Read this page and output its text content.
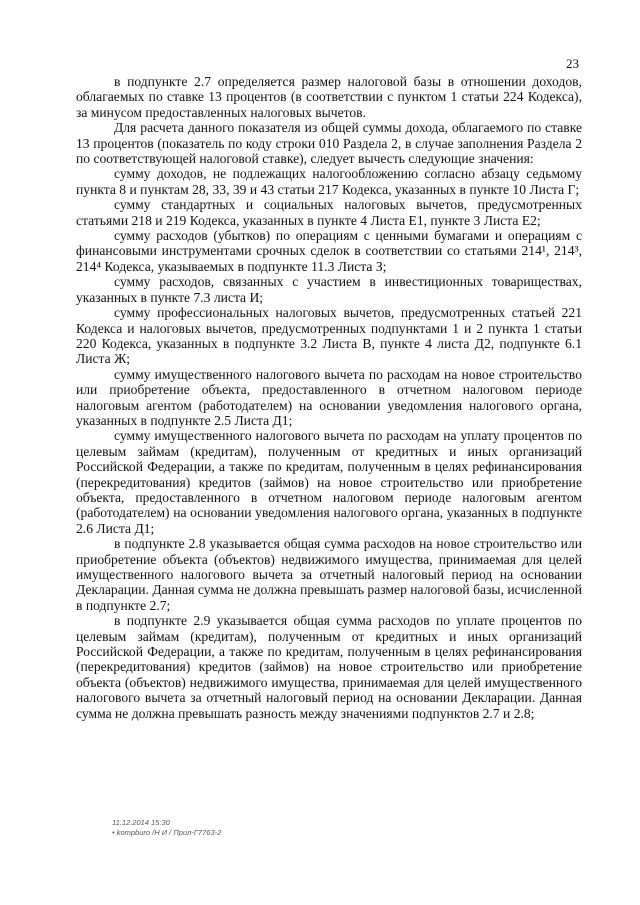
23

в подпункте 2.7 определяется размер налоговой базы в отношении доходов, облагаемых по ставке 13 процентов (в соответствии с пунктом 1 статьи 224 Кодекса), за минусом предоставленных налоговых вычетов.

Для расчета данного показателя из общей суммы дохода, облагаемого по ставке 13 процентов (показатель по коду строки 010 Раздела 2, в случае заполнения Раздела 2 по соответствующей налоговой ставке), следует вычесть следующие значения:

сумму доходов, не подлежащих налогообложению согласно абзацу седьмому пункта 8 и пунктам 28, 33, 39 и 43 статьи 217 Кодекса, указанных в пункте 10 Листа Г;

сумму стандартных и социальных налоговых вычетов, предусмотренных статьями 218 и 219 Кодекса, указанных в пункте 4 Листа Е1, пункте 3 Листа Е2;

сумму расходов (убытков) по операциям с ценными бумагами и операциям с финансовыми инструментами срочных сделок в соответствии со статьями 214¹, 214³, 214⁴ Кодекса, указываемых в подпункте 11.3 Листа З;

сумму расходов, связанных с участием в инвестиционных товариществах, указанных в пункте 7.3 листа И;

сумму профессиональных налоговых вычетов, предусмотренных статьей 221 Кодекса и налоговых вычетов, предусмотренных подпунктами 1 и 2 пункта 1 статьи 220 Кодекса, указанных в подпункте 3.2 Листа В, пункте 4 листа Д2, подпункте 6.1 Листа Ж;

сумму имущественного налогового вычета по расходам на новое строительство или приобретение объекта, предоставленного в отчетном налоговом периоде налоговым агентом (работодателем) на основании уведомления налогового органа, указанных в подпункте 2.5 Листа Д1;

сумму имущественного налогового вычета по расходам на уплату процентов по целевым займам (кредитам), полученным от кредитных и иных организаций Российской Федерации, а также по кредитам, полученным в целях рефинансирования (перекредитования) кредитов (займов) на новое строительство или приобретение объекта, предоставленного в отчетном налоговом периоде налоговым агентом (работодателем) на основании уведомления налогового органа, указанных в подпункте 2.6 Листа Д1;

в подпункте 2.8 указывается общая сумма расходов на новое строительство или приобретение объекта (объектов) недвижимого имущества, принимаемая для целей имущественного налогового вычета за отчетный налоговый период на основании Декларации. Данная сумма не должна превышать размер налоговой базы, исчисленной в подпункте 2.7;

в подпункте 2.9 указывается общая сумма расходов по уплате процентов по целевым займам (кредитам), полученным от кредитных и иных организаций Российской Федерации, а также по кредитам, полученным в целях рефинансирования (перекредитования) кредитов (займов) на новое строительство или приобретение объекта (объектов) недвижимого имущества, принимаемая для целей имущественного налогового вычета за отчетный налоговый период на основании Декларации. Данная сумма не должна превышать разность между значениями подпунктов 2.7 и 2.8;

11.12.2014 15:30
• kompburo /Н И / Прил-Г7763-2
